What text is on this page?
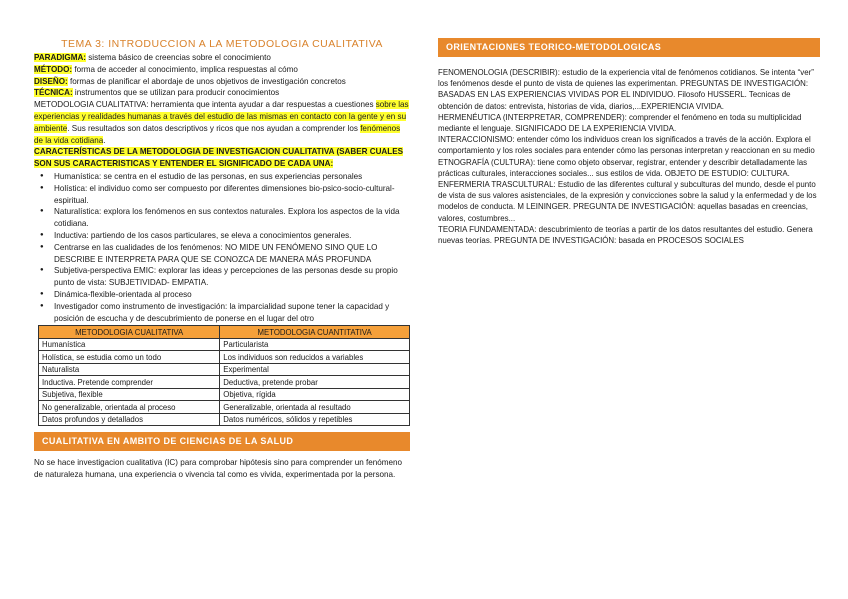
TEMA 3: INTRODUCCION A LA METODOLOGIA CUALITATIVA

PARADIGMA: sistema básico de creencias sobre el conocimiento

MÉTODO: forma de acceder al conocimiento, implica respuestas al cómo

DISEÑO: formas de planificar el abordaje de unos objetivos de investigación concretos

TÉCNICA: instrumentos que se utilizan para producir conocimientos

METODOLOGIA CUALITATIVA: herramienta que intenta ayudar a dar respuestas a cuestiones sobre las experiencias y realidades humanas a través del estudio de las mismas en contacto con la gente y en su ambiente. Sus resultados son datos descriptivos y ricos que nos ayudan a comprender los fenómenos de la vida cotidiana.

CARACTERÍSTICAS DE LA METODOLOGIA DE INVESTIGACION CUALITATIVA (SABER CUALES SON SUS CARACTERISTICAS Y ENTENDER EL SIGNIFICADO DE CADA UNA:

● Humanística: se centra en el estudio de las personas, en sus experiencias personales
● Holística: el individuo como ser compuesto por diferentes dimensiones bio-psico-socio-cultural-espiritual.
● Naturalística: explora los fenómenos en sus contextos naturales. Explora los aspectos de la vida cotidiana.
● Inductiva: partiendo de los casos particulares, se eleva a conocimientos generales.
● Centrarse en las cualidades de los fenómenos: NO MIDE UN FENÓMENO SINO QUE LO DESCRIBE E INTERPRETA PARA QUE SE CONOZCA DE MANERA MÁS PROFUNDA
● Subjetiva-perspectiva EMIC: explorar las ideas y percepciones de las personas desde su propio punto de vista: SUBJETIVIDAD- EMPATIA.
● Dinámica-flexible-orientada al proceso
● Investigador como instrumento de investigación: la imparcialidad supone tener la capacidad y posición de escucha y de descubrimiento de ponerse en el lugar del otro
METODOLOGIA CUALITATIVA	METODOLOGIA CUANTITATIVA
Humanística	Particularista
Holística, se estudia como un todo	Los individuos son reducidos a variables
Naturalista	Experimental
Inductiva. Pretende comprender	Deductiva, pretende probar
Subjetiva, flexible	Objetiva, rígida
No generalizable, orientada al proceso	Generalizable, orientada al resultado
Datos profundos y detallados	Datos numéricos, sólidos y repetibles
CUALITATIVA EN AMBITO DE CIENCIAS DE LA SALUD

No se hace investigacion cualitativa (IC) para comprobar hipótesis sino para comprender un fenómeno de naturaleza humana, una experiencia o vivencia tal como es vivida, experimentada por la persona.

ORIENTACIONES TEORICO-METODOLOGICAS

FENOMENOLOGIA (DESCRIBIR): estudio de la experiencia vital de fenómenos cotidianos. Se intenta “ver” los fenómenos desde el punto de vista de quienes las experimentan. PREGUNTAS DE INVESTIGACIÓN: BASADAS EN LAS EXPERIENCIAS VIVIDAS POR EL INDIVIDUO. Filosofo HUSSERL. Tecnicas de obtención de datos: entrevista, historias de vida, diarios,...EXPERIENCIA VIVIDA.

HERMENÉUTICA (INTERPRETAR, COMPRENDER): comprender el fenómeno en toda su multiplicidad mediante el lenguaje. SIGNIFICADO DE LA EXPERIENCIA VIVIDA.

INTERACCIONISMO: entender cómo los individuos crean los significados a través de la acción. Explora el comportamiento y los roles sociales para entender cómo las personas interpretan y reaccionan en su medio

ETNOGRAFÍA (CULTURA): tiene como objeto observar, registrar, entender y describir detalladamente las prácticas culturales, interacciones sociales... sus estilos de vida. OBJETO DE ESTUDIO: CULTURA.

ENFERMERIA TRASCULTURAL: Estudio de las diferentes cultural y subculturas del mundo, desde el punto de vista de sus valores asistenciales, de la expresión y convicciones sobre la salud y la enfermedad y de los modelos de conducta. M LEININGER. PREGUNTA DE INVESTIGACIÓN: aquellas basadas en creencias, valores, costumbres...

TEORIA FUNDAMENTADA: descubrimiento de teorías a partir de los datos resultantes del estudio. Genera nuevas teorías. PREGUNTA DE INVESTIGACIÓN: basada en PROCESOS SOCIALES
